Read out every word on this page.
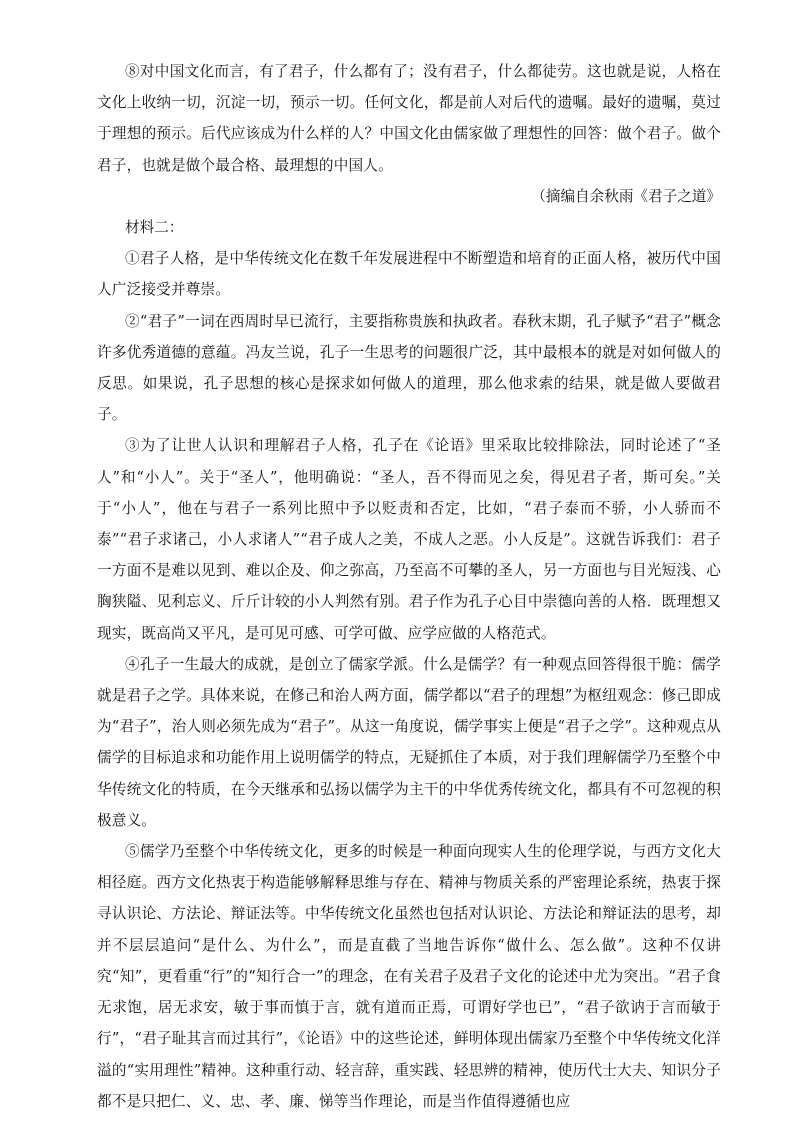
⑧对中国文化而言，有了君子，什么都有了；没有君子，什么都徒劳。这也就是说，人格在文化上收纳一切，沉淀一切，预示一切。任何文化，都是前人对后代的遗嘱。最好的遗嘱，莫过于理想的预示。后代应该成为什么样的人？中国文化由儒家做了理想性的回答：做个君子。做个君子，也就是做个最合格、最理想的中国人。

（摘编自余秋雨《君子之道》

材料二：

①君子人格，是中华传统文化在数千年发展进程中不断塑造和培育的正面人格，被历代中国人广泛接受并尊崇。

②“君子”一词在西周时早已流行，主要指称贵族和执政者。春秋末期，孔子赋予“君子”概念许多优秀道德的意蕴。冯友兰说，孔子一生思考的问题很广泛，其中最根本的就是对如何做人的反思。如果说，孔子思想的核心是探求如何做人的道理，那么他求索的结果，就是做人要做君子。

③为了让世人认识和理解君子人格，孔子在《论语》里采取比较排除法，同时论述了“圣人”和“小人”。关于“圣人”，他明确说：“圣人，吾不得而见之矣，得见君子者，斯可矣。”关于“小人”，他在与君子一系列比照中予以贬责和否定，比如，“君子泰而不骄，小人骄而不泰”“君子求诸己，小人求诸人”“君子成人之美，不成人之恶。小人反是”。这就告诉我们：君子一方面不是难以见到、难以企及、仰之弥高，乃至高不可攀的圣人，另一方面也与目光短浅、心胸狭隘、见利忘义、斤斤计较的小人判然有别。君子作为孔子心目中崇德向善的人格．既理想又现实，既高尚又平凡，是可见可感、可学可做、应学应做的人格范式。

④孔子一生最大的成就，是创立了儒家学派。什么是儒学？有一种观点回答得很干脆：儒学就是君子之学。具体来说，在修己和治人两方面，儒学都以“君子的理想”为枢纽观念：修己即成为“君子”，治人则必须先成为“君子”。从这一角度说，儒学事实上便是“君子之学”。这种观点从儒学的目标追求和功能作用上说明儒学的特点，无疑抓住了本质，对于我们理解儒学乃至整个中华传统文化的特质，在今天继承和弘扬以儒学为主干的中华优秀传统文化，都具有不可忽视的积极意义。

⑤儒学乃至整个中华传统文化，更多的时候是一种面向现实人生的伦理学说，与西方文化大相径庭。西方文化热衷于构造能够解释思维与存在、精神与物质关系的严密理论系统，热衷于探寻认识论、方法论、辩证法等。中华传统文化虽然也包括对认识论、方法论和辩证法的思考，却并不层层追问“是什么、为什么”，而是直截了当地告诉你“做什么、怎么做”。这种不仅讲究“知”，更看重“行”的“知行合一”的理念，在有关君子及君子文化的论述中尤为突出。“君子食无求饱，居无求安，敏于事而慎于言，就有道而正焉，可谓好学也已”，“君子欲讷于言而敏于行”，“君子耻其言而过其行”，《论语》中的这些论述，鲜明体现出儒家乃至整个中华传统文化洋溢的“实用理性”精神。这种重行动、轻言辞，重实践、轻思辨的精神，使历代士大夫、知识分子都不是只把仁、义、忠、孝、廉、悌等当作理论，而是当作值得遵循也应
